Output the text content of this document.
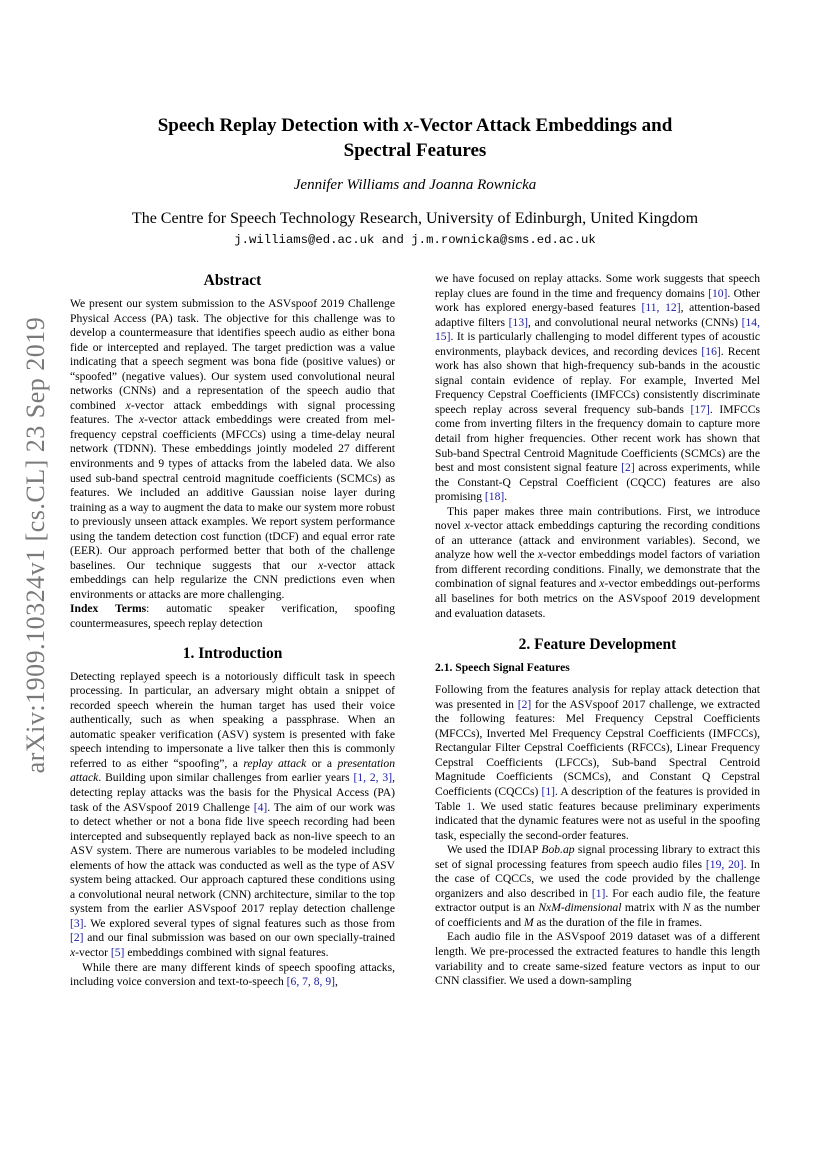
arXiv:1909.10324v1 [cs.CL] 23 Sep 2019
Speech Replay Detection with x-Vector Attack Embeddings and
Spectral Features
Jennifer Williams and Joanna Rownicka
The Centre for Speech Technology Research, University of Edinburgh, United Kingdom
j.williams@ed.ac.uk and j.m.rownicka@sms.ed.ac.uk
Abstract

We present our system submission to the ASVspoof 2019 Challenge Physical Access (PA) task. The objective for this challenge was to develop a countermeasure that identifies speech audio as either bona fide or intercepted and replayed. The target prediction was a value indicating that a speech segment was bona fide (positive values) or “spoofed” (negative values). Our system used convolutional neural networks (CNNs) and a representation of the speech audio that combined x-vector attack embeddings with signal processing features. The x-vector attack embeddings were created from mel-frequency cepstral coefficients (MFCCs) using a time-delay neural network (TDNN). These embeddings jointly modeled 27 different environments and 9 types of attacks from the labeled data. We also used sub-band spectral centroid magnitude coefficients (SCMCs) as features. We included an additive Gaussian noise layer during training as a way to augment the data to make our system more robust to previously unseen attack examples. We report system performance using the tandem detection cost function (tDCF) and equal error rate (EER). Our approach performed better that both of the challenge baselines. Our technique suggests that our x-vector attack embeddings can help regularize the CNN predictions even when environments or attacks are more challenging.

Index Terms: automatic speaker verification, spoofing countermeasures, speech replay detection

1. Introduction

Detecting replayed speech is a notoriously difficult task in speech processing. In particular, an adversary might obtain a snippet of recorded speech wherein the human target has used their voice authentically, such as when speaking a passphrase. When an automatic speaker verification (ASV) system is presented with fake speech intending to impersonate a live talker then this is commonly referred to as either “spoofing”, a replay attack or a presentation attack. Building upon similar challenges from earlier years [1, 2, 3], detecting replay attacks was the basis for the Physical Access (PA) task of the ASVspoof 2019 Challenge [4]. The aim of our work was to detect whether or not a bona fide live speech recording had been intercepted and subsequently replayed back as non-live speech to an ASV system. There are numerous variables to be modeled including elements of how the attack was conducted as well as the type of ASV system being attacked. Our approach captured these conditions using a convolutional neural network (CNN) architecture, similar to the top system from the earlier ASVspoof 2017 replay detection challenge [3]. We explored several types of signal features such as those from [2] and our final submission was based on our own specially-trained x-vector [5] embeddings combined with signal features.

While there are many different kinds of speech spoofing attacks, including voice conversion and text-to-speech [6, 7, 8, 9],

we have focused on replay attacks. Some work suggests that speech replay clues are found in the time and frequency domains [10]. Other work has explored energy-based features [11, 12], attention-based adaptive filters [13], and convolutional neural networks (CNNs) [14, 15]. It is particularly challenging to model different types of acoustic environments, playback devices, and recording devices [16]. Recent work has also shown that high-frequency sub-bands in the acoustic signal contain evidence of replay. For example, Inverted Mel Frequency Cepstral Coefficients (IMFCCs) consistently discriminate speech replay across several frequency sub-bands [17]. IMFCCs come from inverting filters in the frequency domain to capture more detail from higher frequencies. Other recent work has shown that Sub-band Spectral Centroid Magnitude Coefficients (SCMCs) are the best and most consistent signal feature [2] across experiments, while the Constant-Q Cepstral Coefficient (CQCC) features are also promising [18].

This paper makes three main contributions. First, we introduce novel x-vector attack embeddings capturing the recording conditions of an utterance (attack and environment variables). Second, we analyze how well the x-vector embeddings model factors of variation from different recording conditions. Finally, we demonstrate that the combination of signal features and x-vector embeddings out-performs all baselines for both metrics on the ASVspoof 2019 development and evaluation datasets.

2. Feature Development
2.1. Speech Signal Features

Following from the features analysis for replay attack detection that was presented in [2] for the ASVspoof 2017 challenge, we extracted the following features: Mel Frequency Cepstral Coefficients (MFCCs), Inverted Mel Frequency Cepstral Coefficients (IMFCCs), Rectangular Filter Cepstral Coefficients (RFCCs), Linear Frequency Cepstral Coefficients (LFCCs), Sub-band Spectral Centroid Magnitude Coefficients (SCMCs), and Constant Q Cepstral Coefficients (CQCCs) [1]. A description of the features is provided in Table 1. We used static features because preliminary experiments indicated that the dynamic features were not as useful in the spoofing task, especially the second-order features.

We used the IDIAP Bob.ap signal processing library to extract this set of signal processing features from speech audio files [19, 20]. In the case of CQCCs, we used the code provided by the challenge organizers and also described in [1]. For each audio file, the feature extractor output is an NxM-dimensional matrix with N as the number of coefficients and M as the duration of the file in frames.

Each audio file in the ASVspoof 2019 dataset was of a different length. We pre-processed the extracted features to handle this length variability and to create same-sized feature vectors as input to our CNN classifier. We used a down-sampling
